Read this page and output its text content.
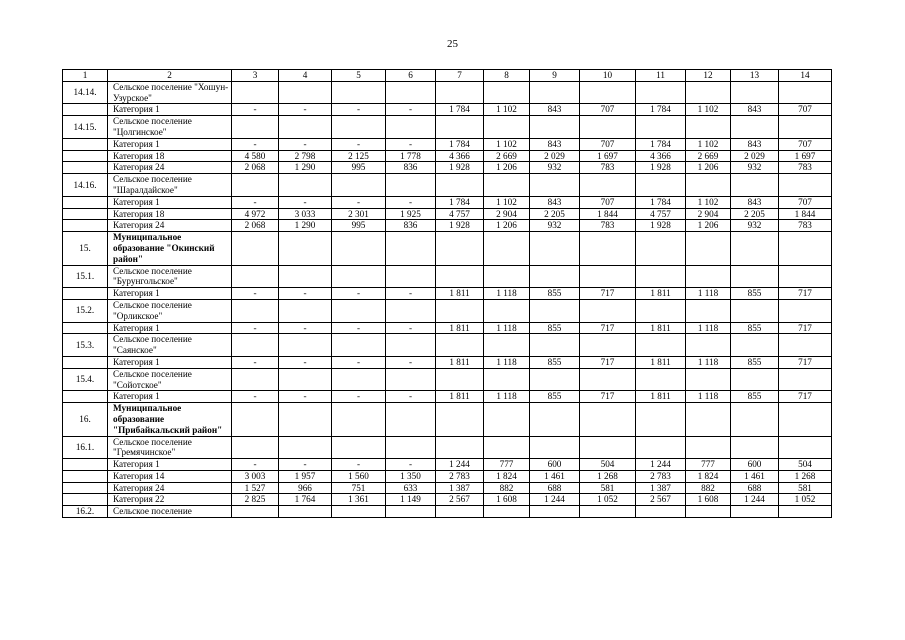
25
1	2	3	4	5	6	7	8	9	10	11	12	13	14
14.14.	Сельское поселение "Хошун-Узурское"												
	Категория 1	-	-	-	-	1 784	1 102	843	707	1 784	1 102	843	707
14.15.	Сельское поселение "Цолгинское"												
	Категория 1	-	-	-	-	1 784	1 102	843	707	1 784	1 102	843	707
	Категория 18	4 580	2 798	2 125	1 778	4 366	2 669	2 029	1 697	4 366	2 669	2 029	1 697
	Категория 24	2 068	1 290	995	836	1 928	1 206	932	783	1 928	1 206	932	783
14.16.	Сельское поселение "Шаралдайское"												
	Категория 1	-	-	-	-	1 784	1 102	843	707	1 784	1 102	843	707
	Категория 18	4 972	3 033	2 301	1 925	4 757	2 904	2 205	1 844	4 757	2 904	2 205	1 844
	Категория 24	2 068	1 290	995	836	1 928	1 206	932	783	1 928	1 206	932	783
15.	Муниципальное образование "Окинский район"												
15.1.	Сельское поселение "Бурунгольское"												
	Категория 1	-	-	-	-	1 811	1 118	855	717	1 811	1 118	855	717
15.2.	Сельское поселение "Орликское"												
	Категория 1	-	-	-	-	1 811	1 118	855	717	1 811	1 118	855	717
15.3.	Сельское поселение "Саянское"												
	Категория 1	-	-	-	-	1 811	1 118	855	717	1 811	1 118	855	717
15.4.	Сельское поселение "Сойотское"												
	Категория 1	-	-	-	-	1 811	1 118	855	717	1 811	1 118	855	717
16.	Муниципальное образование "Прибайкальский район"												
16.1.	Сельское поселение "Гремячинское"												
	Категория 1	-	-	-	-	1 244	777	600	504	1 244	777	600	504
	Категория 14	3 003	1 957	1 560	1 350	2 783	1 824	1 461	1 268	2 783	1 824	1 461	1 268
	Категория 24	1 527	966	751	633	1 387	882	688	581	1 387	882	688	581
	Категория 22	2 825	1 764	1 361	1 149	2 567	1 608	1 244	1 052	2 567	1 608	1 244	1 052
16.2.	Сельское поселение												
